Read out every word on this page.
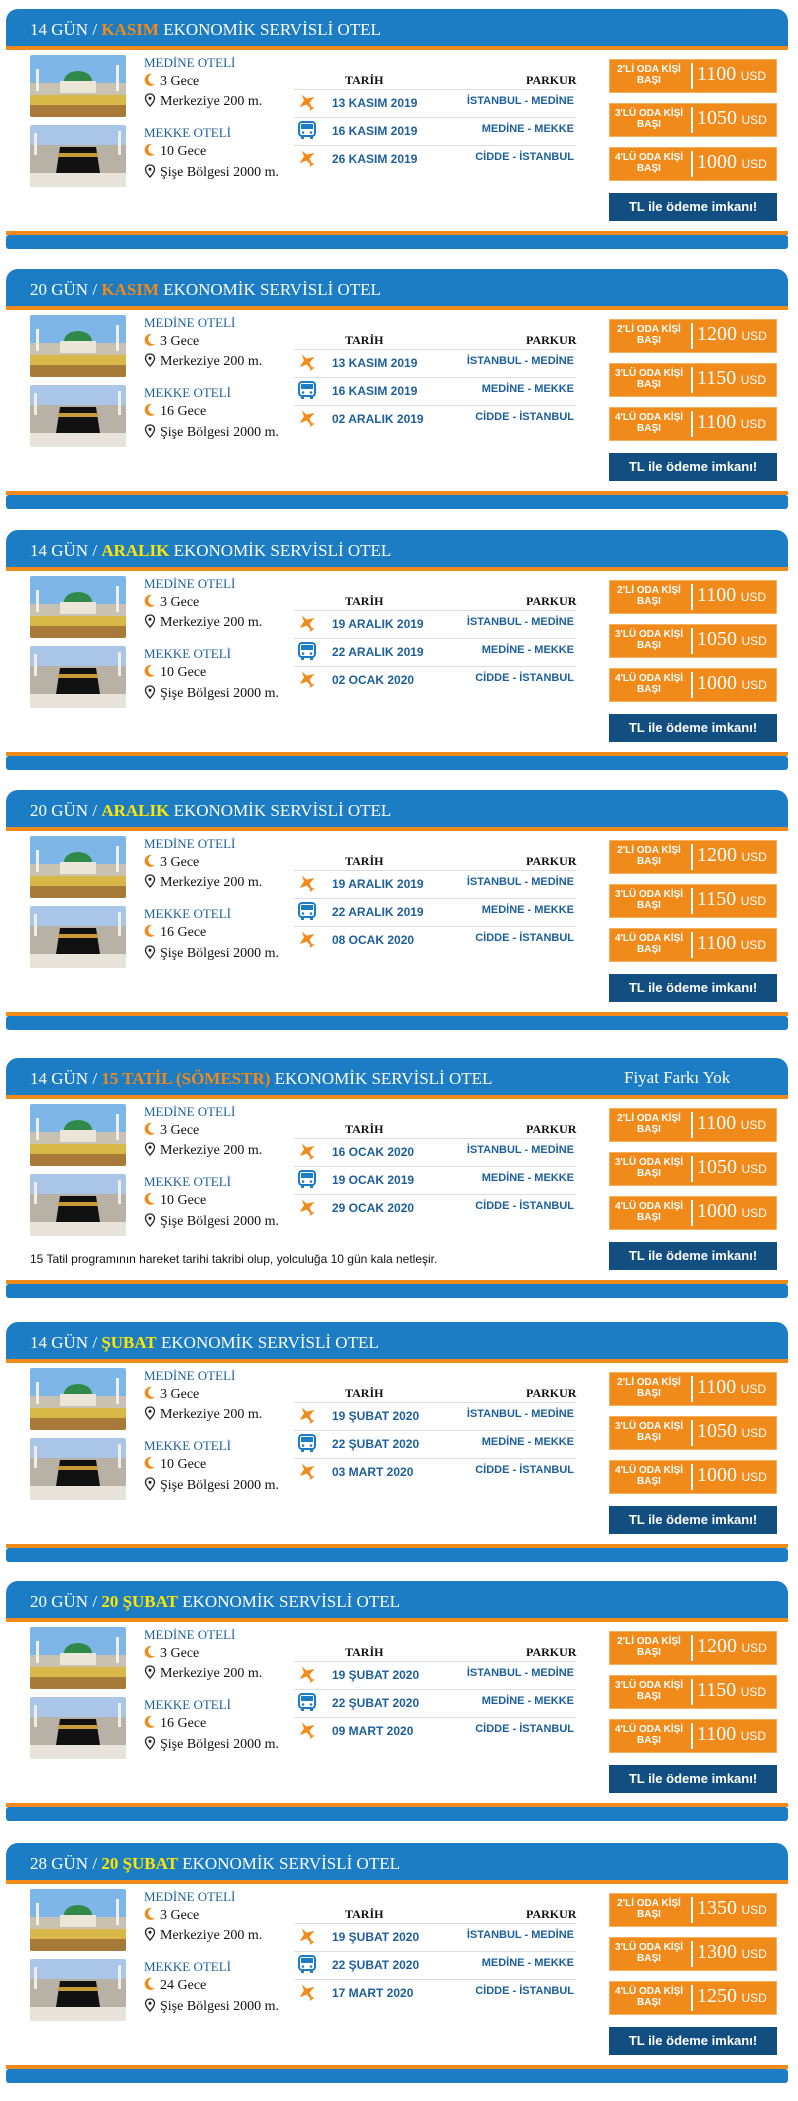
14 GÜN / KASIM EKONOMİK SERVİSLİ OTEL
MEDİNE OTELİ
3 Gece
Merkeziye 200 m.
MEKKE OTELİ
10 Gece
Şişe Bölgesi 2000 m.
TARİH	PARKUR
13 KASIM 2019	İSTANBUL - MEDİNE
16 KASIM 2019	MEDİNE - MEKKE
26 KASIM 2019	CİDDE - İSTANBUL
2'Lİ ODA KİŞİ BAŞI	1100 USD
3'LÜ ODA KİŞİ BAŞI	1050 USD
4'LÜ ODA KİŞİ BAŞI	1000 USD
TL ile ödeme imkanı!
20 GÜN / KASIM EKONOMİK SERVİSLİ OTEL
MEDİNE OTELİ
3 Gece
Merkeziye 200 m.
MEKKE OTELİ
16 Gece
Şişe Bölgesi 2000 m.
TARİH	PARKUR
13 KASIM 2019	İSTANBUL - MEDİNE
16 KASIM 2019	MEDİNE - MEKKE
02 ARALIK 2019	CİDDE - İSTANBUL
2'Lİ ODA KİŞİ BAŞI	1200 USD
3'LÜ ODA KİŞİ BAŞI	1150 USD
4'LÜ ODA KİŞİ BAŞI	1100 USD
TL ile ödeme imkanı!
14 GÜN / ARALIK EKONOMİK SERVİSLİ OTEL
MEDİNE OTELİ
3 Gece
Merkeziye 200 m.
MEKKE OTELİ
10 Gece
Şişe Bölgesi 2000 m.
TARİH	PARKUR
19 ARALIK 2019	İSTANBUL - MEDİNE
22 ARALIK 2019	MEDİNE - MEKKE
02 OCAK 2020	CİDDE - İSTANBUL
2'Lİ ODA KİŞİ BAŞI	1100 USD
3'LÜ ODA KİŞİ BAŞI	1050 USD
4'LÜ ODA KİŞİ BAŞI	1000 USD
TL ile ödeme imkanı!
20 GÜN / ARALIK EKONOMİK SERVİSLİ OTEL
MEDİNE OTELİ
3 Gece
Merkeziye 200 m.
MEKKE OTELİ
16 Gece
Şişe Bölgesi 2000 m.
TARİH	PARKUR
19 ARALIK 2019	İSTANBUL - MEDİNE
22 ARALIK 2019	MEDİNE - MEKKE
08 OCAK 2020	CİDDE - İSTANBUL
2'Lİ ODA KİŞİ BAŞI	1200 USD
3'LÜ ODA KİŞİ BAŞI	1150 USD
4'LÜ ODA KİŞİ BAŞI	1100 USD
TL ile ödeme imkanı!
14 GÜN / 15 TATİL (SÖMESTR) EKONOMİK SERVİSLİ OTEL	Fiyat Farkı Yok
MEDİNE OTELİ
3 Gece
Merkeziye 200 m.
MEKKE OTELİ
10 Gece
Şişe Bölgesi 2000 m.
TARİH	PARKUR
16 OCAK 2020	İSTANBUL - MEDİNE
19 OCAK 2019	MEDİNE - MEKKE
29 OCAK 2020	CİDDE - İSTANBUL
2'Lİ ODA KİŞİ BAŞI	1100 USD
3'LÜ ODA KİŞİ BAŞI	1050 USD
4'LÜ ODA KİŞİ BAŞI	1000 USD
TL ile ödeme imkanı!
15 Tatil programının hareket tarihi takribi olup, yolculuğa 10 gün kala netleşir.
14 GÜN / ŞUBAT EKONOMİK SERVİSLİ OTEL
MEDİNE OTELİ
3 Gece
Merkeziye 200 m.
MEKKE OTELİ
10 Gece
Şişe Bölgesi 2000 m.
TARİH	PARKUR
19 ŞUBAT 2020	İSTANBUL - MEDİNE
22 ŞUBAT 2020	MEDİNE - MEKKE
03 MART 2020	CİDDE - İSTANBUL
2'Lİ ODA KİŞİ BAŞI	1100 USD
3'LÜ ODA KİŞİ BAŞI	1050 USD
4'LÜ ODA KİŞİ BAŞI	1000 USD
TL ile ödeme imkanı!
20 GÜN / 20 ŞUBAT EKONOMİK SERVİSLİ OTEL
MEDİNE OTELİ
3 Gece
Merkeziye 200 m.
MEKKE OTELİ
16 Gece
Şişe Bölgesi 2000 m.
TARİH	PARKUR
19 ŞUBAT 2020	İSTANBUL - MEDİNE
22 ŞUBAT 2020	MEDİNE - MEKKE
09 MART 2020	CİDDE - İSTANBUL
2'Lİ ODA KİŞİ BAŞI	1200 USD
3'LÜ ODA KİŞİ BAŞI	1150 USD
4'LÜ ODA KİŞİ BAŞI	1100 USD
TL ile ödeme imkanı!
28 GÜN / 20 ŞUBAT EKONOMİK SERVİSLİ OTEL
MEDİNE OTELİ
3 Gece
Merkeziye 200 m.
MEKKE OTELİ
24 Gece
Şişe Bölgesi 2000 m.
TARİH	PARKUR
19 ŞUBAT 2020	İSTANBUL - MEDİNE
22 ŞUBAT 2020	MEDİNE - MEKKE
17 MART 2020	CİDDE - İSTANBUL
2'Lİ ODA KİŞİ BAŞI	1350 USD
3'LÜ ODA KİŞİ BAŞI	1300 USD
4'LÜ ODA KİŞİ BAŞI	1250 USD
TL ile ödeme imkanı!
